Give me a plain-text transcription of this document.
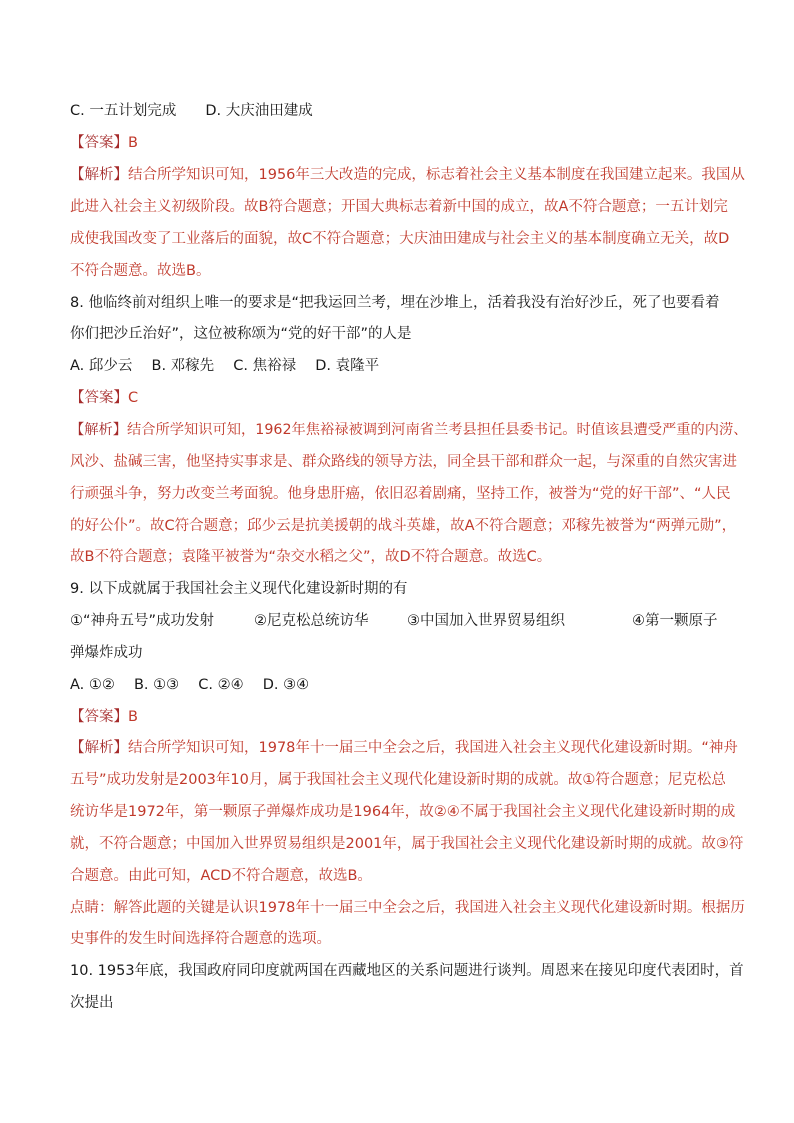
C. 一五计划完成　　D. 大庆油田建成
【答案】B
【解析】结合所学知识可知，1956年三大改造的完成，标志着社会主义基本制度在我国建立起来。我国从
此进入社会主义初级阶段。故B符合题意；开国大典标志着新中国的成立，故A不符合题意；一五计划完
成使我国改变了工业落后的面貌，故C不符合题意；大庆油田建成与社会主义的基本制度确立无关，故D
不符合题意。故选B。
8. 他临终前对组织上唯一的要求是“把我运回兰考，埋在沙堆上，活着我没有治好沙丘，死了也要看着
你们把沙丘治好”，这位被称颂为“党的好干部”的人是
A. 邱少云　 B. 邓稼先　 C. 焦裕禄　 D. 袁隆平
【答案】C
【解析】结合所学知识可知，1962年焦裕禄被调到河南省兰考县担任县委书记。时值该县遭受严重的内涝、
风沙、盐碱三害，他坚持实事求是、群众路线的领导方法，同全县干部和群众一起，与深重的自然灾害进
行顽强斗争，努力改变兰考面貌。他身患肝癌，依旧忍着剧痛，坚持工作，被誉为“党的好干部”、“人民
的好公仆”。故C符合题意；邱少云是抗美援朝的战斗英雄，故A不符合题意；邓稼先被誉为“两弹元勋”，
故B不符合题意；袁隆平被誉为“杂交水稻之父”，故D不符合题意。故选C。
9. 以下成就属于我国社会主义现代化建设新时期的有
①“神舟五号”成功发射	②尼克松总统访华	③中国加入世界贸易组织	④第一颗原子
弹爆炸成功
A. ①②　 B. ①③　 C. ②④　 D. ③④
【答案】B
【解析】结合所学知识可知，1978年十一届三中全会之后，我国进入社会主义现代化建设新时期。“神舟
五号”成功发射是2003年10月，属于我国社会主义现代化建设新时期的成就。故①符合题意；尼克松总
统访华是1972年，第一颗原子弹爆炸成功是1964年，故②④不属于我国社会主义现代化建设新时期的成
就，不符合题意；中国加入世界贸易组织是2001年，属于我国社会主义现代化建设新时期的成就。故③符
合题意。由此可知，ACD不符合题意，故选B。
点睛：解答此题的关键是认识1978年十一届三中全会之后，我国进入社会主义现代化建设新时期。根据历
史事件的发生时间选择符合题意的选项。
10. 1953年底，我国政府同印度就两国在西藏地区的关系问题进行谈判。周恩来在接见印度代表团时，首
次提出
